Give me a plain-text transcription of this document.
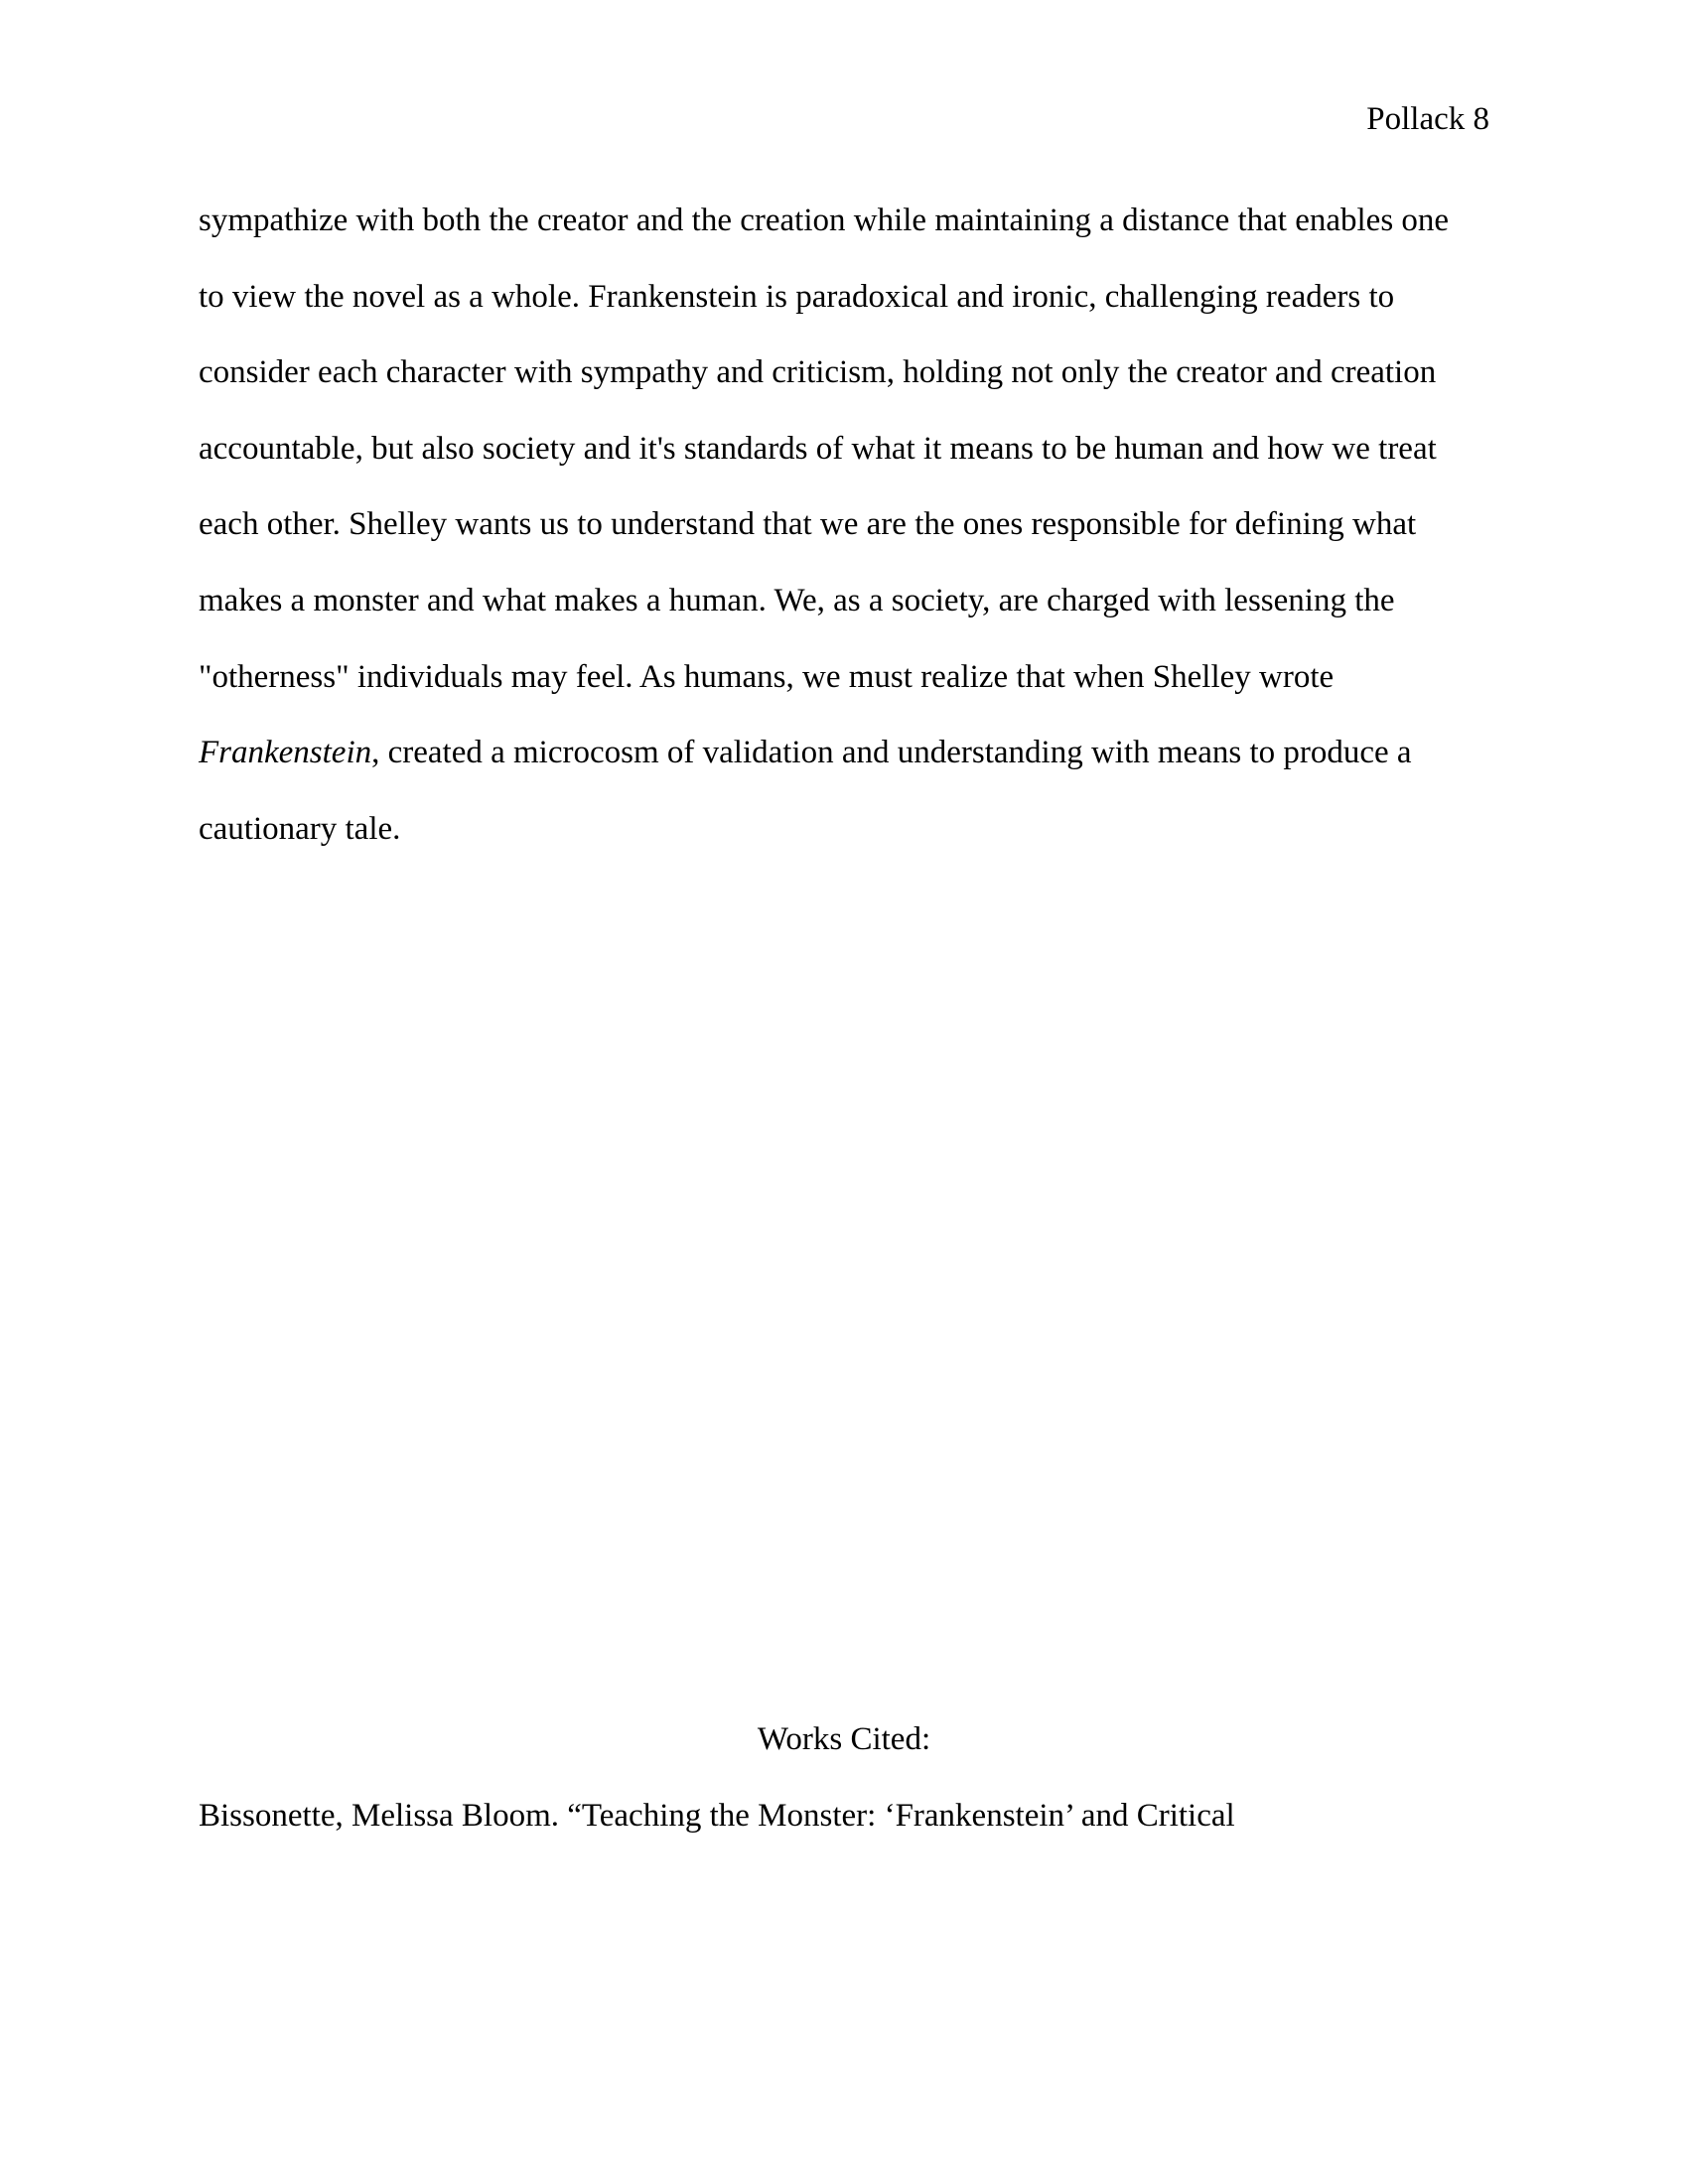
Pollack 8
sympathize with both the creator and the creation while maintaining a distance that enables one
to view the novel as a whole. Frankenstein is paradoxical and ironic, challenging readers to
consider each character with sympathy and criticism, holding not only the creator and creation
accountable, but also society and it's standards of what it means to be human and how we treat
each other. Shelley wants us to understand that we are the ones responsible for defining what
makes a monster and what makes a human. We, as a society, are charged with lessening the
"otherness" individuals may feel. As humans, we must realize that when Shelley wrote
Frankenstein, created a microcosm of validation and understanding with means to produce a
cautionary tale.
Works Cited:
Bissonette, Melissa Bloom. “Teaching the Monster: ‘Frankenstein’ and Critical
